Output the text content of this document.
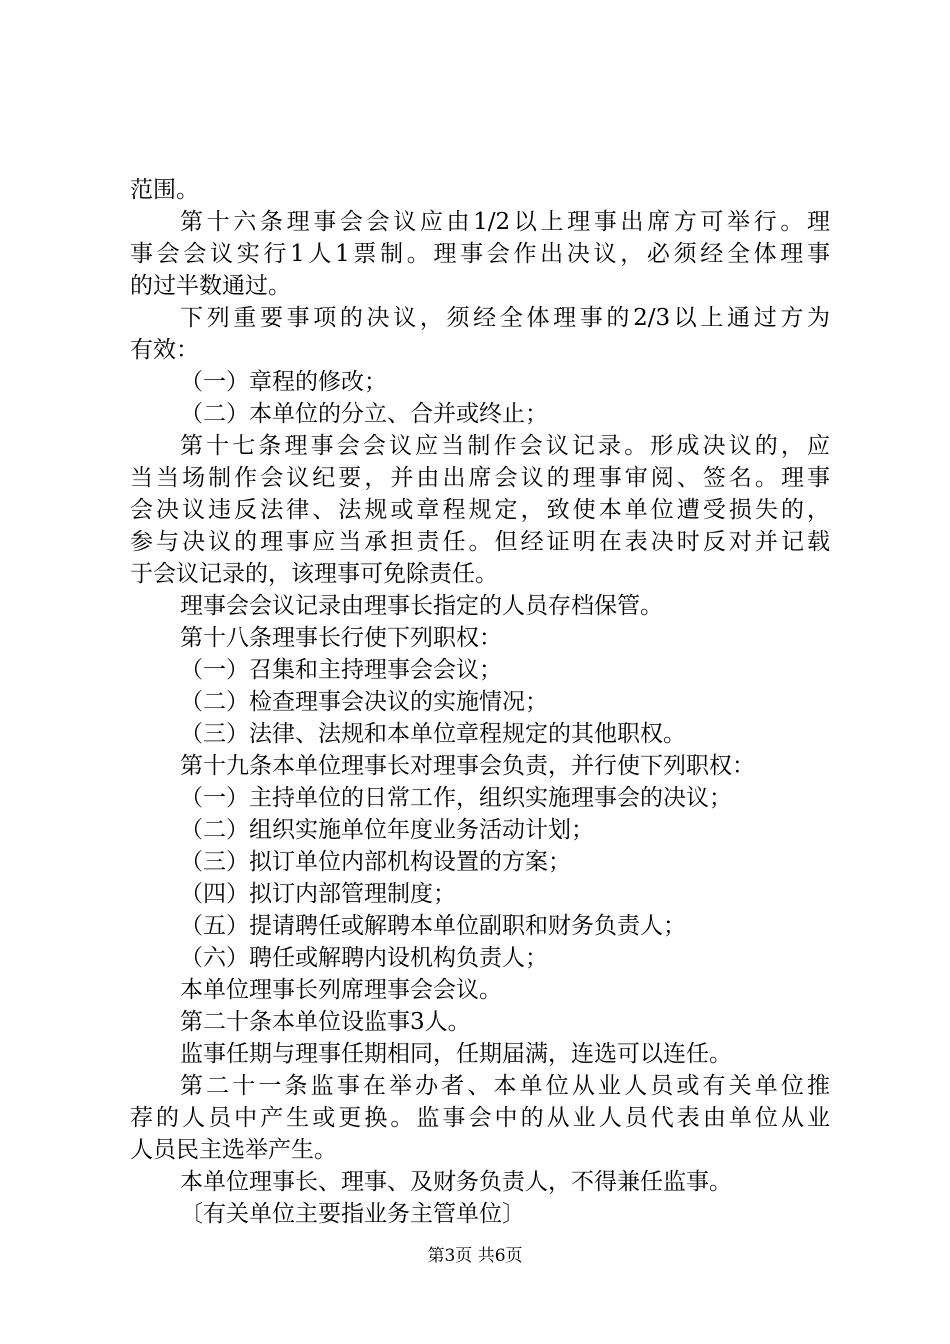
范围。
第十六条理事会会议应由1/2以上理事出席方可举行。理
事会会议实行1人1票制。理事会作出决议，必须经全体理事
的过半数通过。
下列重要事项的决议，须经全体理事的2/3以上通过方为
有效：
（一）章程的修改；
（二）本单位的分立、合并或终止；
第十七条理事会会议应当制作会议记录。形成决议的，应
当当场制作会议纪要，并由出席会议的理事审阅、签名。理事
会决议违反法律、法规或章程规定，致使本单位遭受损失的，
参与决议的理事应当承担责任。但经证明在表决时反对并记载
于会议记录的，该理事可免除责任。
理事会会议记录由理事长指定的人员存档保管。
第十八条理事长行使下列职权：
（一）召集和主持理事会会议；
（二）检查理事会决议的实施情况；
（三）法律、法规和本单位章程规定的其他职权。
第十九条本单位理事长对理事会负责，并行使下列职权：
（一）主持单位的日常工作，组织实施理事会的决议；
（二）组织实施单位年度业务活动计划；
（三）拟订单位内部机构设置的方案；
（四）拟订内部管理制度；
（五）提请聘任或解聘本单位副职和财务负责人；
（六）聘任或解聘内设机构负责人；
本单位理事长列席理事会会议。
第二十条本单位设监事3人。
监事任期与理事任期相同，任期届满，连选可以连任。
第二十一条监事在举办者、本单位从业人员或有关单位推
荐的人员中产生或更换。监事会中的从业人员代表由单位从业
人员民主选举产生。
本单位理事长、理事、及财务负责人，不得兼任监事。
〔有关单位主要指业务主管单位〕
第3页 共6页
